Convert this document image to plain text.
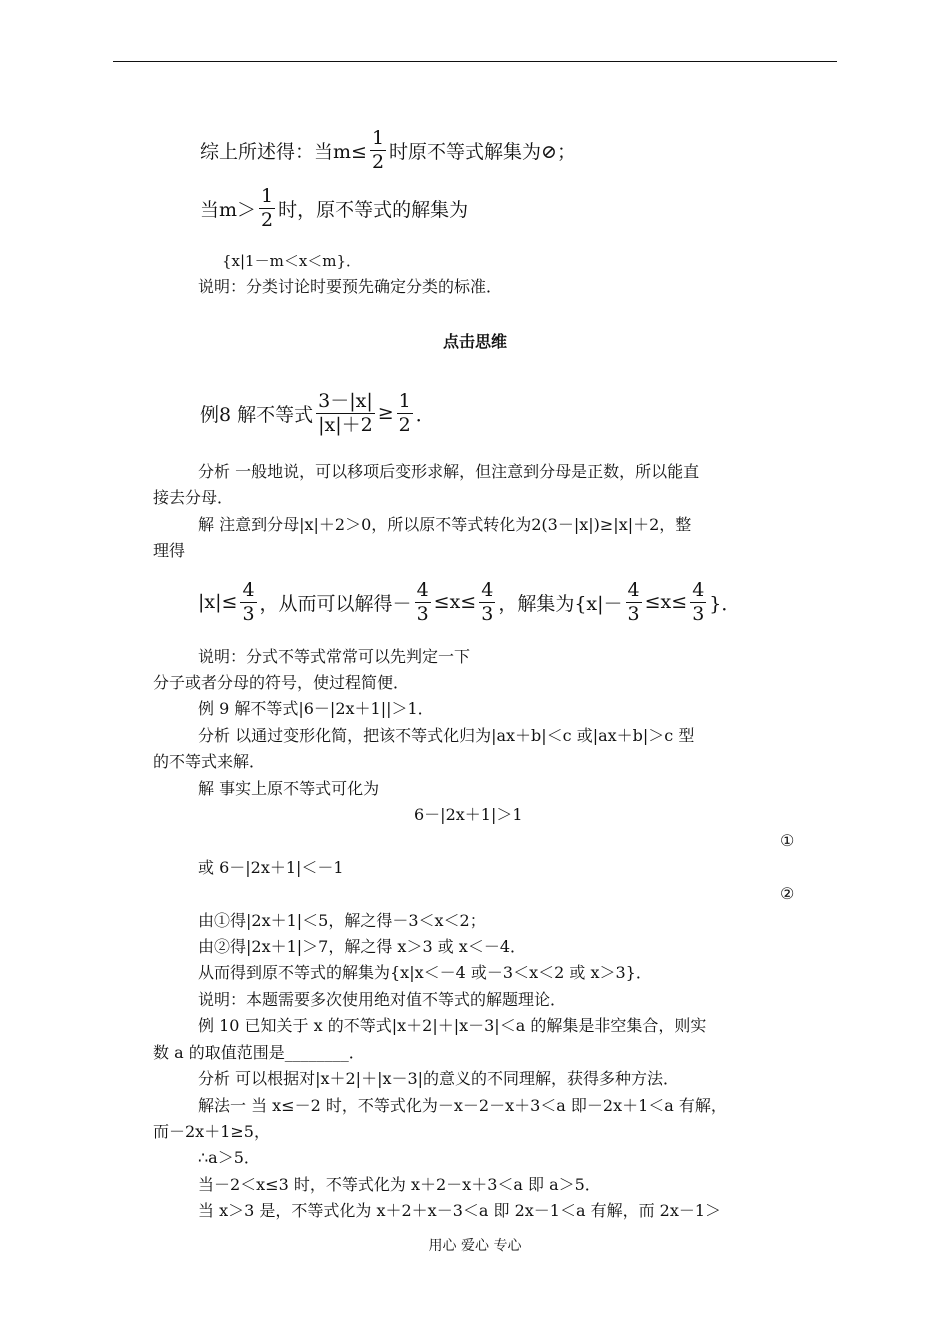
综上所述得：当$m\le \frac{1}{2}$ 时原不等式解集为⊘；
当$m> \frac{1}{2}$ 时，原不等式的解集为
{x|1－m＜x＜m}．
说明：分类讨论时要预先确定分类的标准．
点击思维
例8 解不等式 $\frac{3-|x|}{|x|+2} \ge \frac{1}{2}$ ．
分析 一般地说，可以移项后变形求解，但注意到分母是正数，所以能直
接去分母．
解 注意到分母|x|＋2＞0，所以原不等式转化为2(3－|x|)≥|x|＋2，整
理得
$|x|\le \frac{4}{3}$ ，从而可以解得－ $\frac{4}{3} \le x\le \frac{4}{3}$ ，解集为{$x|- \frac{4}{3} \le x\le \frac{4}{3}$ }．
说明：分式不等式常常可以先判定一下
分子或者分母的符号，使过程简便．
例 9 解不等式|6－|2x＋1||＞1．
分析 以通过变形化简，把该不等式化归为|ax＋b|＜c 或|ax＋b|＞c 型
的不等式来解．
解 事实上原不等式可化为
6－|2x＋1|＞1
①
或 6－|2x＋1|＜－1
②
由①得|2x＋1|＜5，解之得－3＜x＜2；
由②得|2x＋1|＞7，解之得 x＞3 或 x＜－4．
从而得到原不等式的解集为{x|x＜－4 或－3＜x＜2 或 x＞3}．
说明：本题需要多次使用绝对值不等式的解题理论．
例 10 已知关于 x 的不等式|x＋2|＋|x－3|＜a 的解集是非空集合，则实
数 a 的取值范围是________．
分析 可以根据对|x＋2|＋|x－3|的意义的不同理解，获得多种方法．
解法一 当 x≤－2 时，不等式化为－x－2－x＋3＜a 即－2x＋1＜a 有解，
而－2x＋1≥5，
∴a＞5．
当－2＜x≤3 时，不等式化为 x＋2－x＋3＜a 即 a＞5．
当 x＞3 是，不等式化为 x＋2＋x－3＜a 即 2x－1＜a 有解，而 2x－1＞
用心 爱心 专心
